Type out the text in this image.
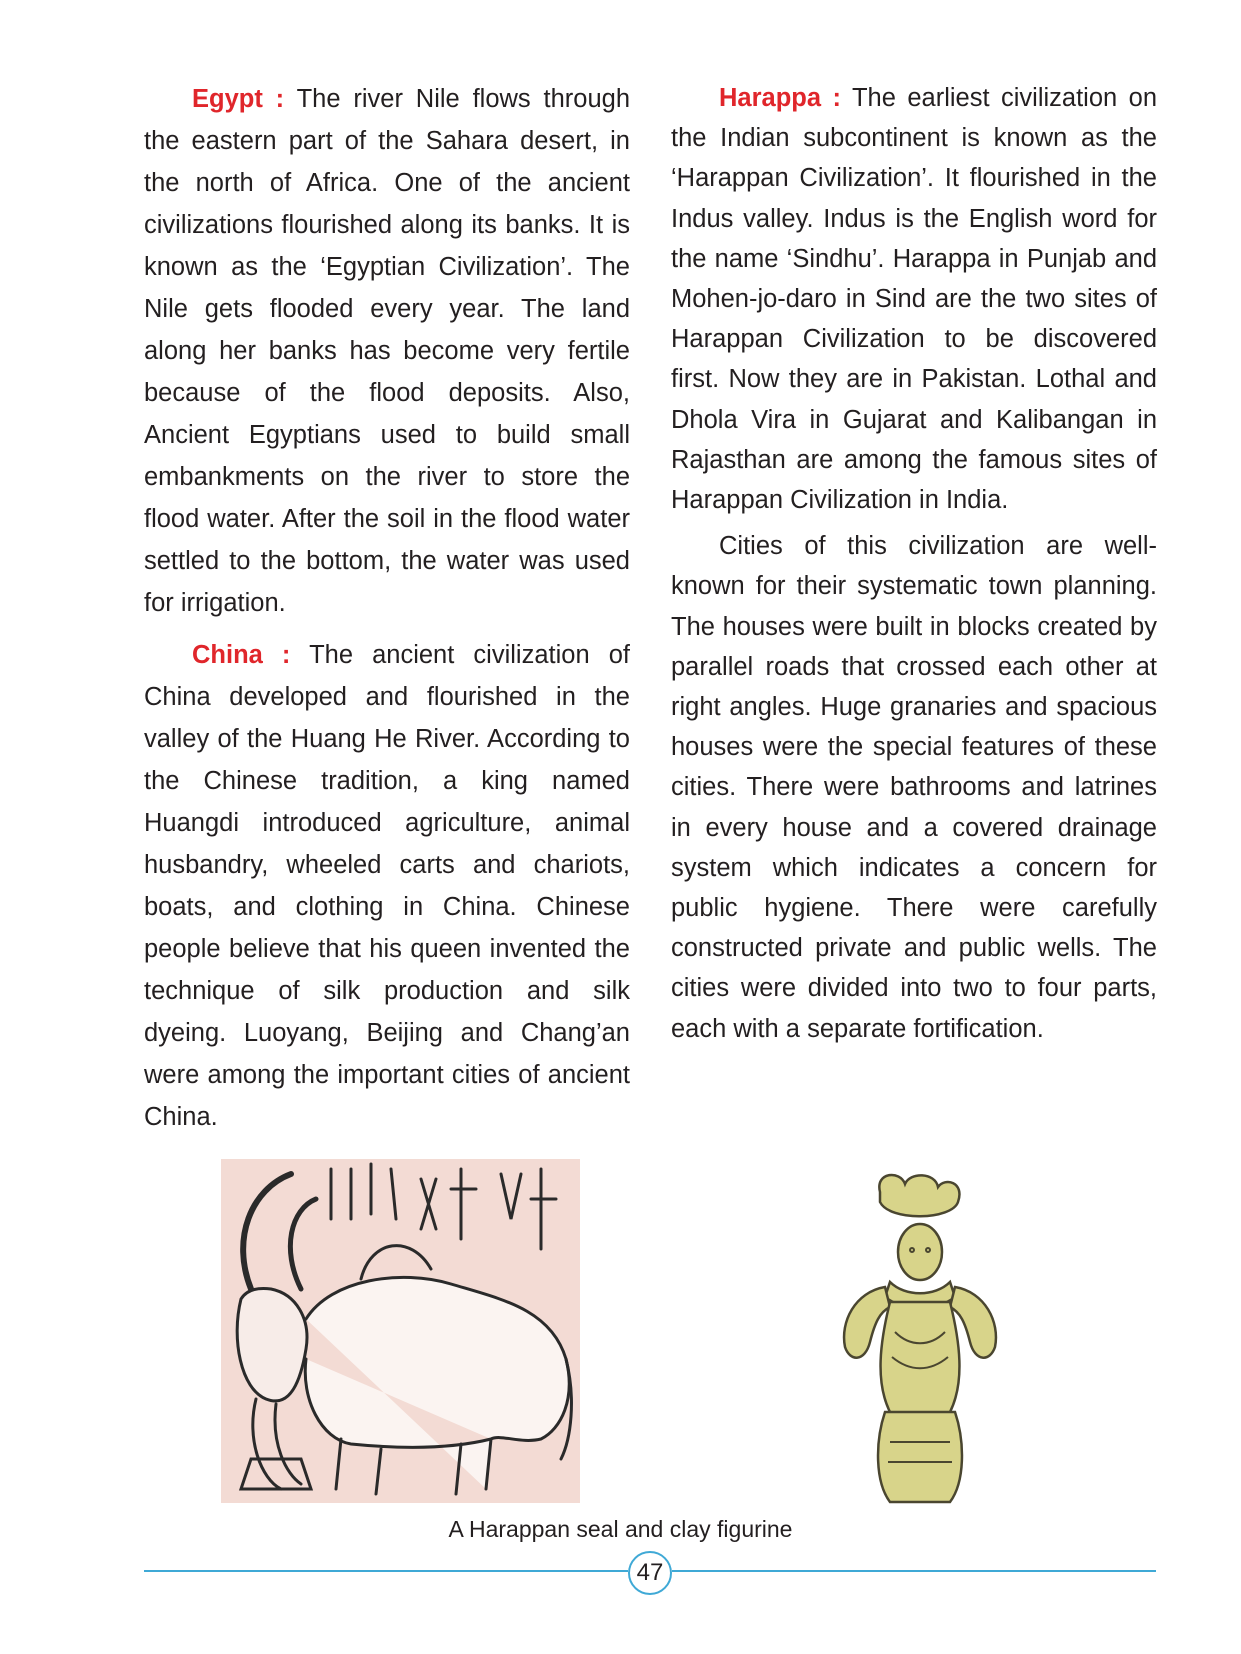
Egypt : The river Nile flows through the eastern part of the Sahara desert, in the north of Africa. One of the ancient civilizations flourished along its banks. It is known as the ‘Egyptian Civilization’. The Nile gets flooded every year. The land along her banks has become very fertile because of the flood deposits. Also, Ancient Egyptians used to build small embankments on the river to store the flood water. After the soil in the flood water settled to the bottom, the water was used for irrigation.

China : The ancient civilization of China developed and flourished in the valley of the Huang He River. According to the Chinese tradition, a king named Huangdi introduced agriculture, animal husbandry, wheeled carts and chariots, boats, and clothing in China. Chinese people believe that his queen invented the technique of silk production and silk dyeing. Luoyang, Beijing and Chang’an were among the important cities of ancient China.

Harappa : The earliest civilization on the Indian subcontinent is known as the ‘Harappan Civilization’. It flourished in the Indus valley. Indus is the English word for the name ‘Sindhu’. Harappa in Punjab and Mohen-jo-daro in Sind are the two sites of Harappan Civilization to be discovered first. Now they are in Pakistan. Lothal and Dhola Vira in Gujarat and Kalibangan in Rajasthan are among the famous sites of Harappan Civilization in India.

Cities of this civilization are well-known for their systematic town planning. The houses were built in blocks created by parallel roads that crossed each other at right angles. Huge granaries and spacious houses were the special features of these cities. There were bathrooms and latrines in every house and a covered drainage system which indicates a concern for public hygiene. There were carefully constructed private and public wells. The cities were divided into two to four parts, each with a separate fortification.

A Harappan seal and clay figurine
47
